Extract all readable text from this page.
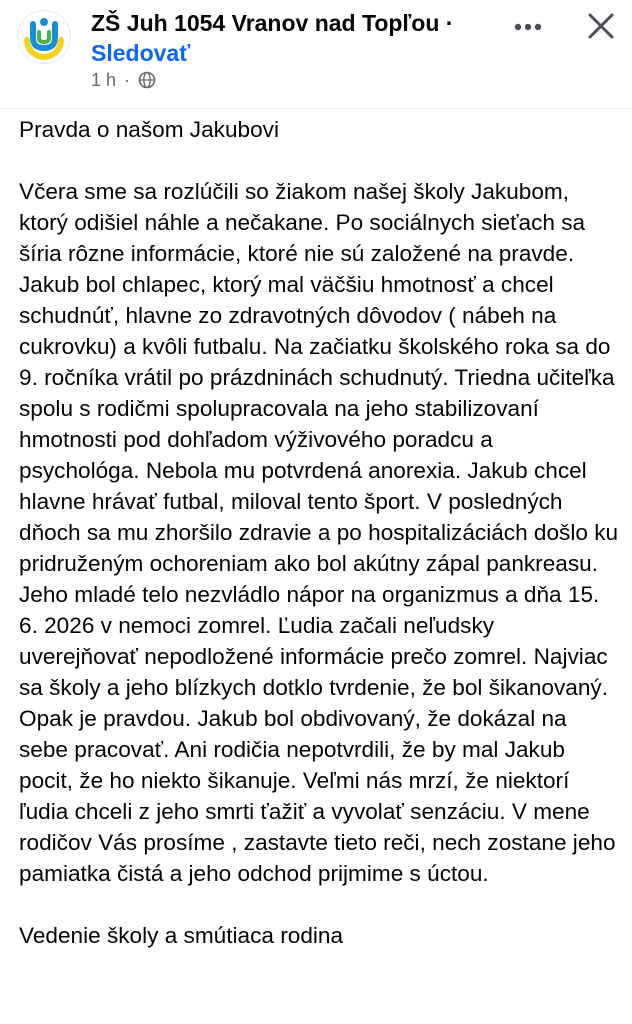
ZŠ Juh 1054 Vranov nad Topľou ·
Sledovať
1 h ·

Pravda o našom Jakubovi

Včera sme sa rozlúčili so žiakom našej školy Jakubom, ktorý odišiel náhle a nečakane. Po sociálnych sieťach sa šíria rôzne informácie, ktoré nie sú založené na pravde. Jakub bol chlapec, ktorý mal väčšiu hmotnosť a chcel schudnúť, hlavne zo zdravotných dôvodov ( nábeh na cukrovku) a kvôli futbalu. Na začiatku školského roka sa do 9. ročníka vrátil po prázdninách schudnutý. Triedna učiteľka spolu s rodičmi spolupracovala na jeho stabilizovaní hmotnosti pod dohľadom výživového poradcu a psychológa. Nebola mu potvrdená anorexia. Jakub chcel hlavne hrávať futbal, miloval tento šport. V posledných dňoch sa mu zhoršilo zdravie a po hospitalizáciách došlo ku pridruženým ochoreniam ako bol akútny zápal pankreasu. Jeho mladé telo nezvládlo nápor na organizmus a dňa 15. 6. 2026 v nemoci zomrel. Ľudia začali neľudsky uverejňovať nepodložené informácie prečo zomrel. Najviac sa školy a jeho blízkych dotklo tvrdenie, že bol šikanovaný. Opak je pravdou. Jakub bol obdivovaný, že dokázal na sebe pracovať. Ani rodičia nepotvrdili, že by mal Jakub pocit, že ho niekto šikanuje. Veľmi nás mrzí, že niektorí ľudia chceli z jeho smrti ťažiť a vyvolať senzáciu. V mene rodičov Vás prosíme , zastavte tieto reči, nech zostane jeho pamiatka čistá a jeho odchod prijmime s úctou.

Vedenie školy a smútiaca rodina
